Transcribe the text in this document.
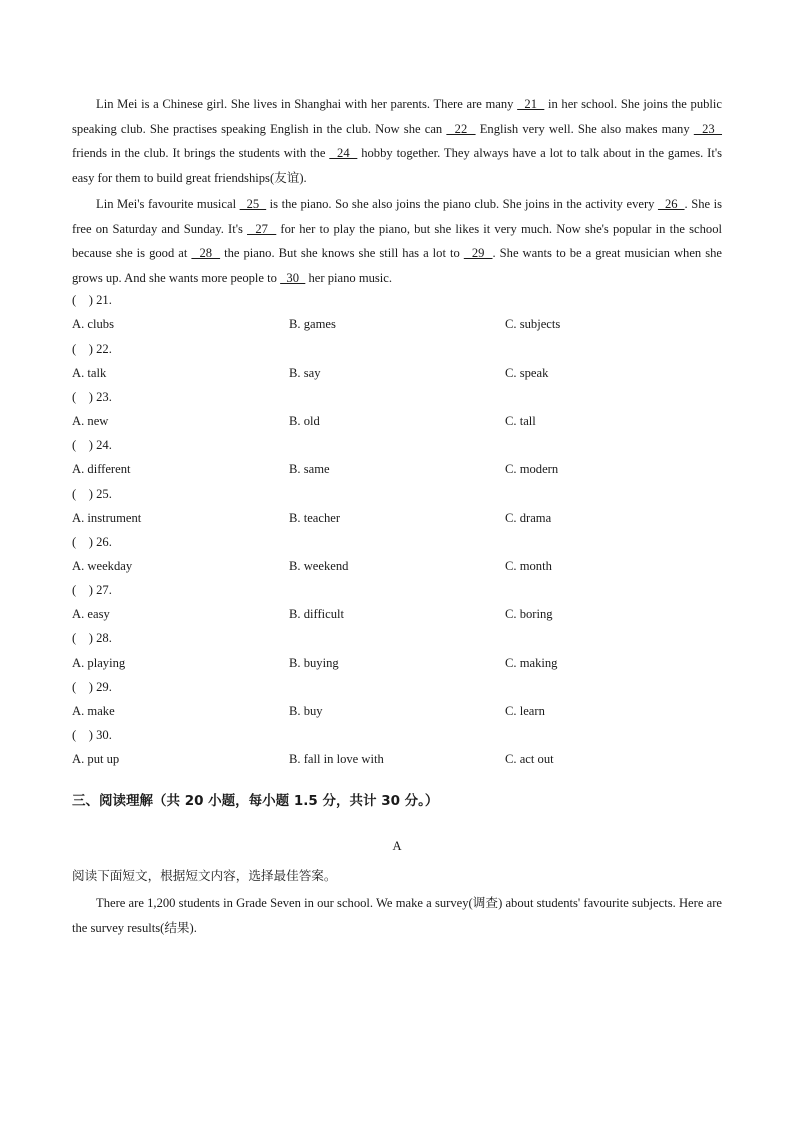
Lin Mei is a Chinese girl. She lives in Shanghai with her parents. There are many   21   in her school. She joins the public speaking club. She practises speaking English in the club. Now she can   22   English very well. She also makes many   23   friends in the club. It brings the students with the   24   hobby together. They always have a lot to talk about in the games. It's easy for them to build great friendships(友谊).

Lin Mei's favourite musical   25   is the piano. So she also joins the piano club. She joins in the activity every   26  . She is free on Saturday and Sunday. It's   27   for her to play the piano, but she likes it very much. Now she's popular in the school because she is good at   28   the piano. But she knows she still has a lot to   29  . She wants to be a great musician when she grows up. And she wants more people to   30   her piano music.

(    ) 21.
A. clubs	B. games	C. subjects
(    ) 22.
A. talk	B. say	C. speak
(    ) 23.
A. new	B. old	C. tall
(    ) 24.
A. different	B. same	C. modern
(    ) 25.
A. instrument	B. teacher	C. drama
(    ) 26.
A. weekday	B. weekend	C. month
(    ) 27.
A. easy	B. difficult	C. boring
(    ) 28.
A. playing	B. buying	C. making
(    ) 29.
A. make	B. buy	C. learn
(    ) 30.
A. put up	B. fall in love with	C. act out
三、阅读理解（共 20 小题，每小题 1.5 分，共计 30 分。）
A
阅读下面短文，根据短文内容，选择最佳答案。

There are 1,200 students in Grade Seven in our school. We make a survey(调查) about students' favourite subjects. Here are the survey results(结果).
